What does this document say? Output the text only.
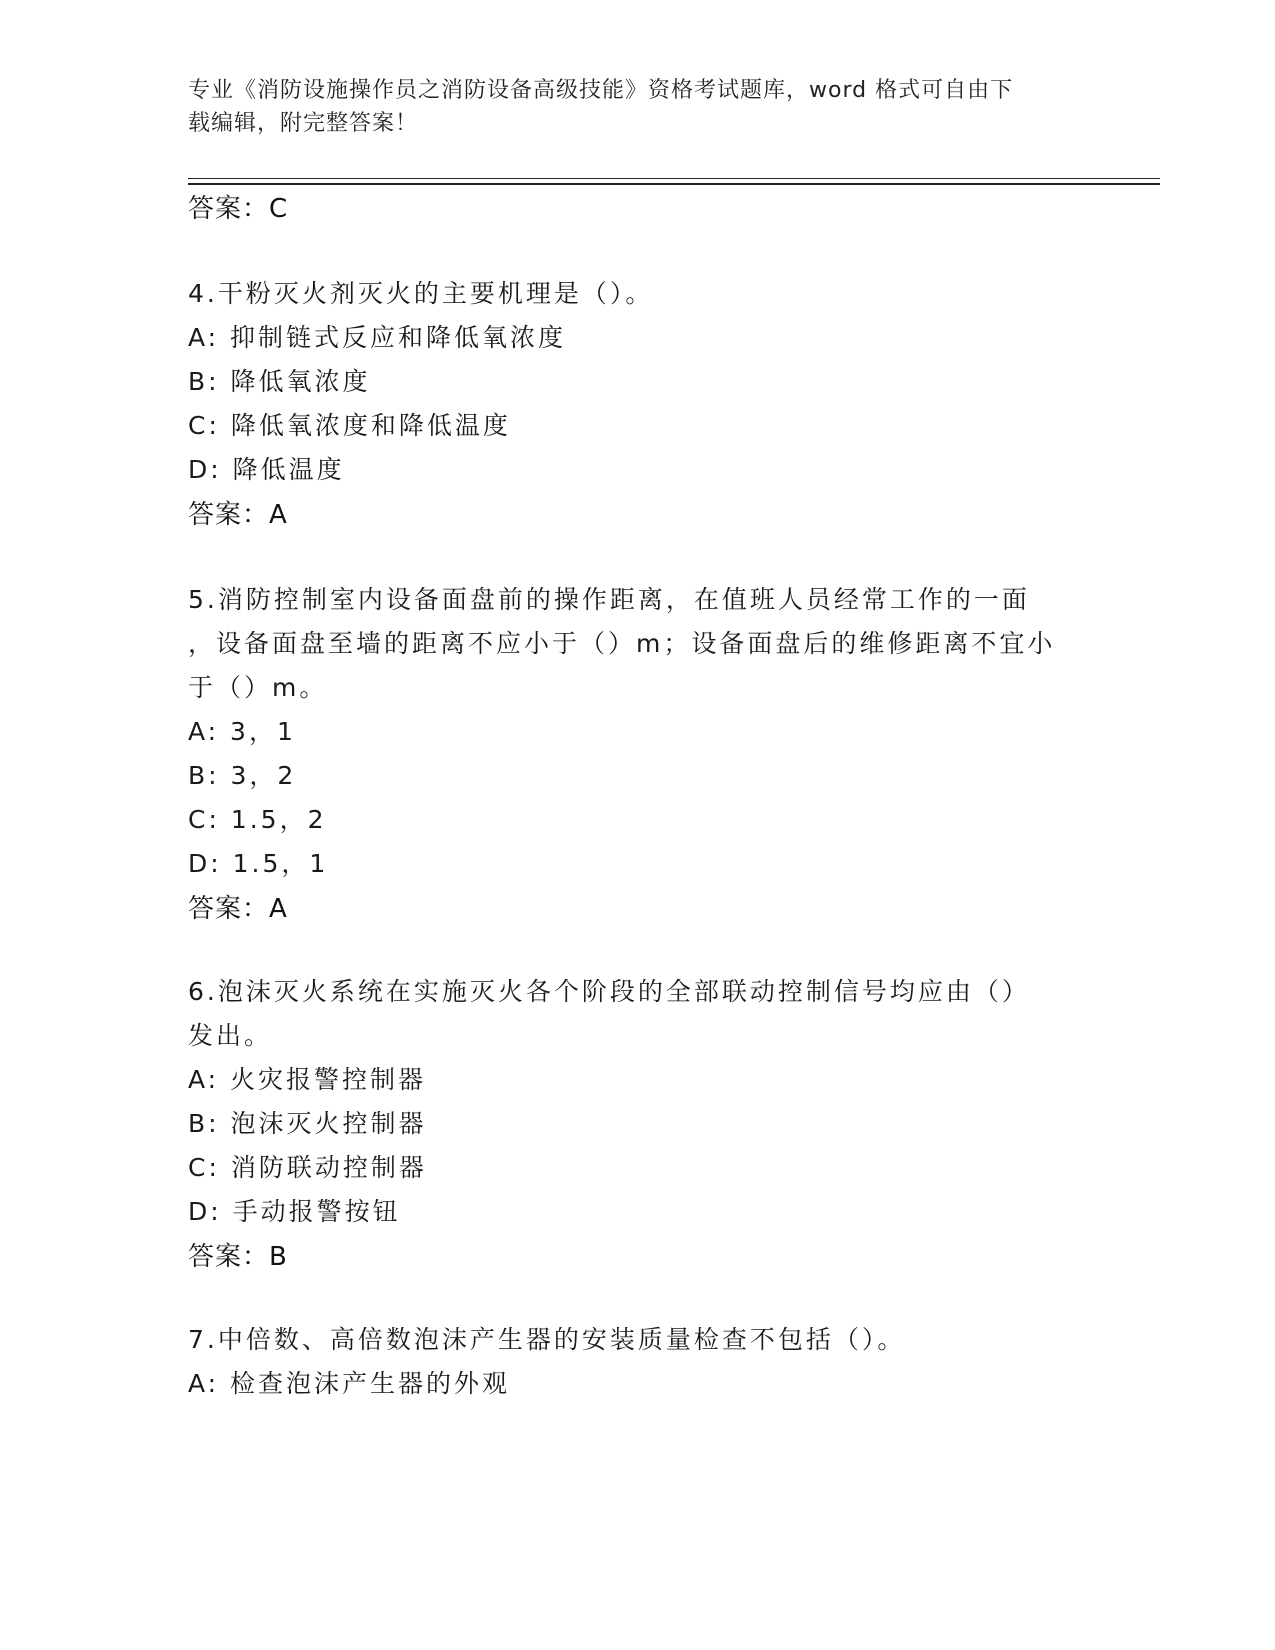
专业《消防设施操作员之消防设备高级技能》资格考试题库，word 格式可自由下
载编辑，附完整答案！
答案：C
4.干粉灭火剂灭火的主要机理是（）。
A: 抑制链式反应和降低氧浓度
B: 降低氧浓度
C: 降低氧浓度和降低温度
D: 降低温度
答案：A
5.消防控制室内设备面盘前的操作距离，在值班人员经常工作的一面
，设备面盘至墙的距离不应小于（）m；设备面盘后的维修距离不宜小
于（）m。
A: 3，1
B: 3，2
C: 1.5，2
D: 1.5，1
答案：A
6.泡沫灭火系统在实施灭火各个阶段的全部联动控制信号均应由（）
发出。
A: 火灾报警控制器
B: 泡沫灭火控制器
C: 消防联动控制器
D: 手动报警按钮
答案：B
7.中倍数、高倍数泡沫产生器的安装质量检查不包括（）。
A: 检查泡沫产生器的外观
